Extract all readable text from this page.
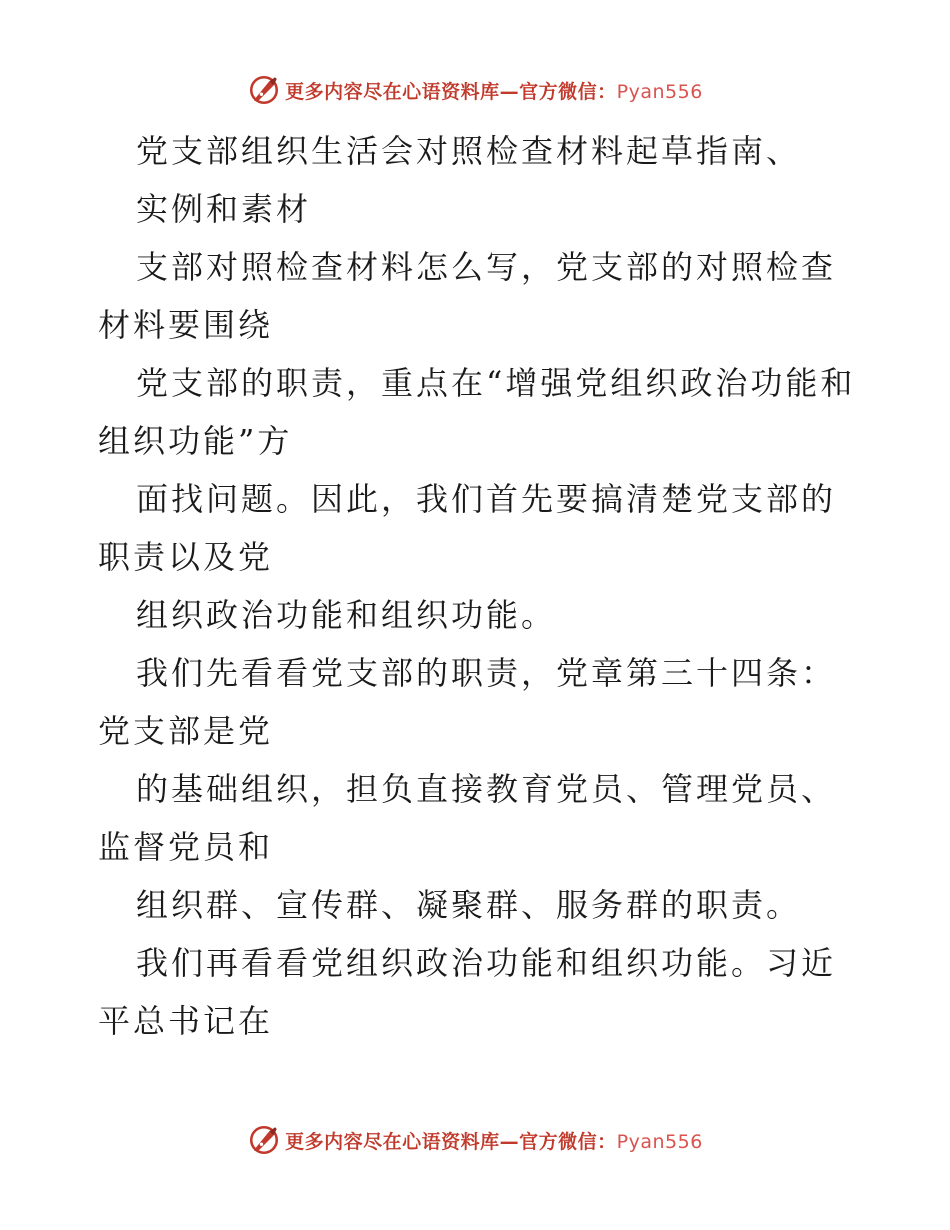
更多内容尽在心语资料库—官方微信：Pyan556

党支部组织生活会对照检查材料起草指南、

实例和素材

支部对照检查材料怎么写，党支部的对照检查材料要围绕

党支部的职责，重点在“增强党组织政治功能和组织功能”方

面找问题。因此，我们首先要搞清楚党支部的职责以及党

组织政治功能和组织功能。

我们先看看党支部的职责，党章第三十四条：党支部是党

的基础组织，担负直接教育党员、管理党员、监督党员和

组织群、宣传群、凝聚群、服务群的职责。

我们再看看党组织政治功能和组织功能。习近平总书记在

更多内容尽在心语资料库—官方微信：Pyan556
